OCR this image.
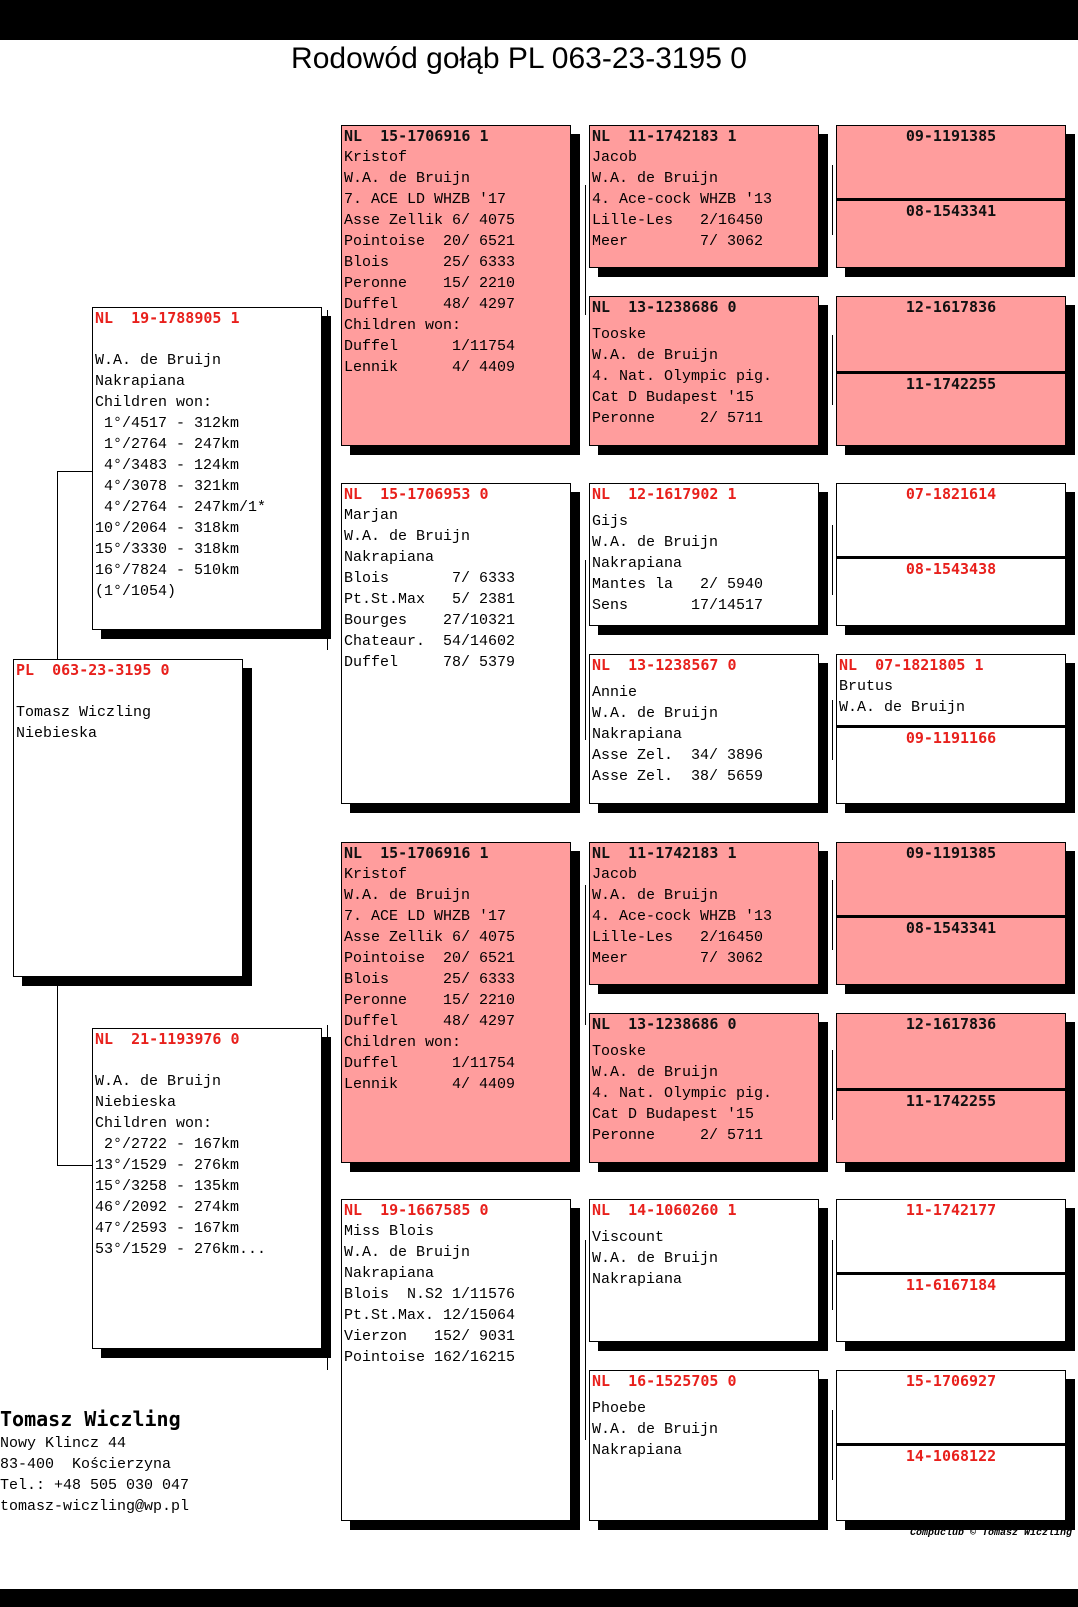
Rodowód gołąb PL 063-23-3195 0
PL  063-23-3195 0
Tomasz Wiczling
Niebieska
NL  19-1788905 1
W.A. de Bruijn
Nakrapiana
Children won:
1°/4517 - 312km
1°/2764 - 247km
4°/3483 - 124km
4°/3078 - 321km
4°/2764 - 247km/1*
10°/2064 - 318km
15°/3330 - 318km
16°/7824 - 510km
(1°/1054)
NL  21-1193976 0
W.A. de Bruijn
Niebieska
Children won:
2°/2722 - 167km
13°/1529 - 276km
15°/3258 - 135km
46°/2092 - 274km
47°/2593 - 167km
53°/1529 - 276km...
NL  15-1706916 1
Kristof
W.A. de Bruijn
7. ACE LD WHZB '17
Asse Zellik 6/ 4075
Pointoise  20/ 6521
Blois      25/ 6333
Peronne    15/ 2210
Duffel     48/ 4297
Children won:
Duffel      1/11754
Lennik      4/ 4409
NL  15-1706953 0
Marjan
W.A. de Bruijn
Nakrapiana
Blois       7/ 6333
Pt.St.Max   5/ 2381
Bourges    27/10321
Chateaur.  54/14602
Duffel     78/ 5379
NL  15-1706916 1
Kristof
W.A. de Bruijn
7. ACE LD WHZB '17
Asse Zellik 6/ 4075
Pointoise  20/ 6521
Blois      25/ 6333
Peronne    15/ 2210
Duffel     48/ 4297
Children won:
Duffel      1/11754
Lennik      4/ 4409
NL  19-1667585 0
Miss Blois
W.A. de Bruijn
Nakrapiana
Blois  N.S2 1/11576
Pt.St.Max. 12/15064
Vierzon   152/ 9031
Pointoise 162/16215
NL  11-1742183 1
Jacob
W.A. de Bruijn
4. Ace-cock WHZB '13
Lille-Les   2/16450
Meer        7/ 3062
NL  13-1238686 0
Tooske
W.A. de Bruijn
4. Nat. Olympic pig.
Cat D Budapest '15
Peronne     2/ 5711
NL  12-1617902 1
Gijs
W.A. de Bruijn
Nakrapiana
Mantes la   2/ 5940
Sens       17/14517
NL  13-1238567 0
Annie
W.A. de Bruijn
Nakrapiana
Asse Zel.  34/ 3896
Asse Zel.  38/ 5659
NL  11-1742183 1
Jacob
W.A. de Bruijn
4. Ace-cock WHZB '13
Lille-Les   2/16450
Meer        7/ 3062
NL  13-1238686 0
Tooske
W.A. de Bruijn
4. Nat. Olympic pig.
Cat D Budapest '15
Peronne     2/ 5711
NL  14-1060260 1
Viscount
W.A. de Bruijn
Nakrapiana
NL  16-1525705 0
Phoebe
W.A. de Bruijn
Nakrapiana
09-1191385
08-1543341
12-1617836
11-1742255
07-1821614
08-1543438
NL  07-1821805 1
Brutus
W.A. de Bruijn
09-1191166
09-1191385
08-1543341
12-1617836
11-1742255
11-1742177
11-6167184
15-1706927
14-1068122
Tomasz Wiczling
Nowy Klincz 44
83-400  Kościerzyna
Tel.: +48 505 030 047
tomasz-wiczling@wp.pl
Compuclub © Tomasz Wiczling
